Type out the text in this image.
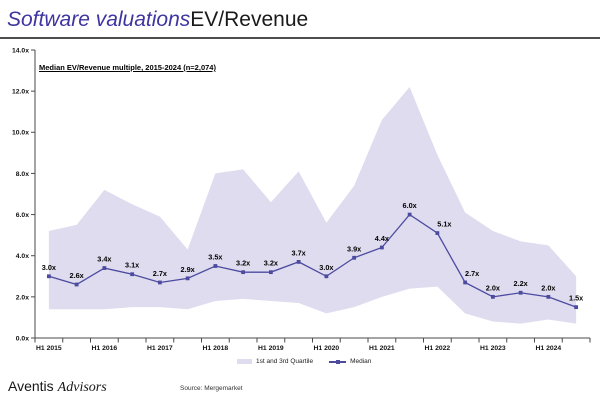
Software valuationsEV/Revenue
Median EV/Revenue multiple, 2015-2024 (n=2,074)
0.0x
2.0x
4.0x
6.0x
8.0x
10.0x
12.0x
14.0x
H1 2015	H1 2016	H1 2017	H1 2018	H1 2019	H1 2020	H1 2021	H1 2022	H1 2023	H1 2024
3.0x
2.6x
3.4x
3.1x
2.7x 2.9x
3.5x
3.2x 3.2x
3.7x
3.0x
3.9x
4.4x
6.0x
5.1x
2.7x
2.0x 2.2x 2.0x
1.5x
1st and 3rd Quartile	Median
Aventis Advisors	Source: Mergemarket
